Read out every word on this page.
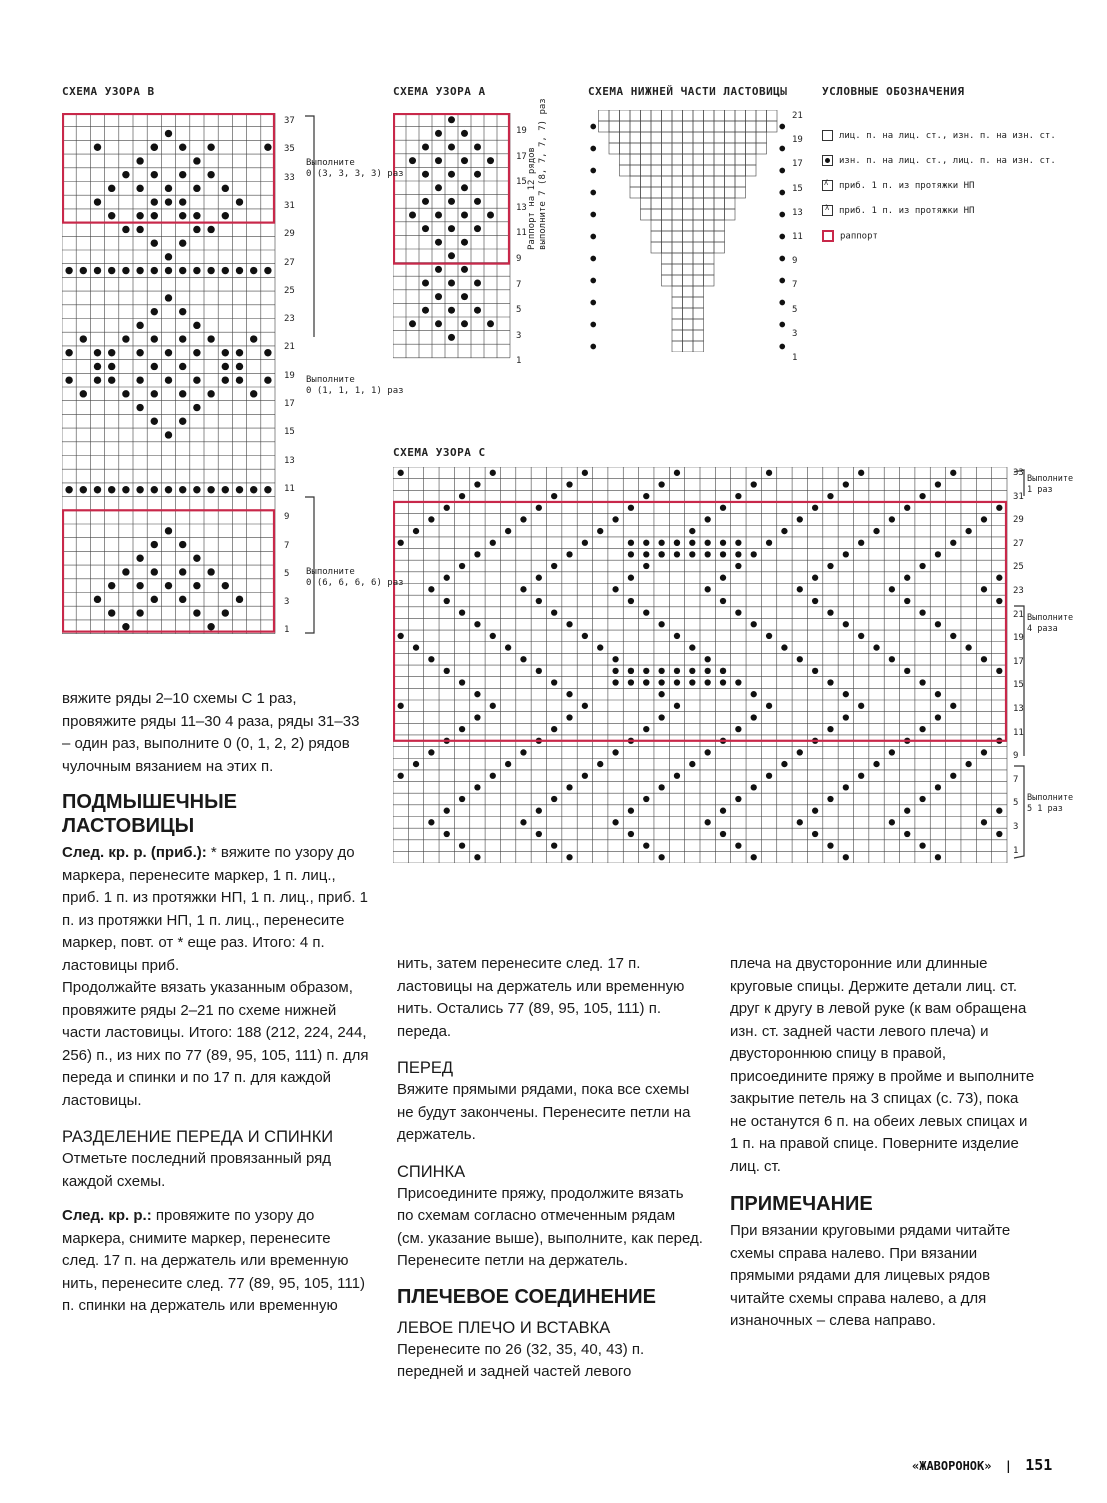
СХЕМА УЗОРА B	СХЕМА УЗОРА A	СХЕМА НИЖНЕЙ ЧАСТИ ЛАСТОВИЦЫ	УСЛОВНЫЕ ОБОЗНАЧЕНИЯ
СХЕМА УЗОРА С
37
35
33
31
29
27
25
23
21
19
17
15
13
11
9
7
5
3
1
19
17
15
13
11
9
7
5
3
1
21
19
17
15
13
11
9
7
5
3
1
33
31
29
27
25
23
21
19
17
15
13
11
9
7
5
3
1
Выполните
0 (3, 3, 3, 3) раз
Выполните
0 (1, 1, 1, 1) раз
Выполните
0 (6, 6, 6, 6) раз
Раппорт на 12 рядов выполните 7 (8, 7, 7, 7) раз
Выполните
1 раз
Выполните
4 раза
Выполните
5 1 раз
лиц. п. на лиц. ст., изн. п. на изн. ст.
изн. п. на лиц. ст., лиц. п. на изн. ст.
ʎ приб. 1 п. из протяжки НП
λ приб. 1 п. из протяжки НП
раппорт

вяжите ряды 2–10 схемы С 1 раз, провяжите ряды 11–30 4 раза, ряды 31–33 – один раз, выполните 0 (0, 1, 2, 2) рядов чулочным вязанием на этих п.

ПОДМЫШЕЧНЫЕ ЛАСТОВИЦЫ

След. кр. р. (приб.): * вяжите по узору до маркера, перенесите маркер, 1 п. лиц., приб. 1 п. из протяжки НП, 1 п. лиц., приб. 1 п. из протяжки НП, 1 п. лиц., перенесите маркер, повт. от * еще раз. Итого: 4 п. ластовицы приб.

Продолжайте вязать указанным образом, провяжите ряды 2–21 по схеме нижней части ластовицы. Итого: 188 (212, 224, 244, 256) п., из них по 77 (89, 95, 105, 111) п. для переда и спинки и по 17 п. для каждой ластовицы.

РАЗДЕЛЕНИЕ ПЕРЕДА И СПИНКИ

Отметьте последний провязанный ряд каждой схемы.

След. кр. р.: провяжите по узору до маркера, снимите маркер, перенесите след. 17 п. на держатель или временную нить, перенесите след. 77 (89, 95, 105, 111) п. спинки на держатель или временную

нить, затем перенесите след. 17 п. ластовицы на держатель или временную нить. Остались 77 (89, 95, 105, 111) п. переда.

ПЕРЕД

Вяжите прямыми рядами, пока все схемы не будут закончены. Перенесите петли на держатель.

СПИНКА

Присоедините пряжу, продолжите вязать по схемам согласно отмеченным рядам (см. указание выше), выполните, как перед. Перенесите петли на держатель.

ПЛЕЧЕВОЕ СОЕДИНЕНИЕ
ЛЕВОЕ ПЛЕЧО И ВСТАВКА

Перенесите по 26 (32, 35, 40, 43) п. передней и задней частей левого

плеча на двусторонние или длинные круговые спицы. Держите детали лиц. ст. друг к другу в левой руке (к вам обращена изн. ст. задней части левого плеча) и двустороннюю спицу в правой, присоедините пряжу в пройме и выполните закрытие петель на 3 спицах (с. 73), пока не останутся 6 п. на обеих левых спицах и 1 п. на правой спице. Поверните изделие лиц. ст.

ПРИМЕЧАНИЕ

При вязании круговыми рядами читайте схемы справа налево. При вязании прямыми рядами для лицевых рядов читайте схемы справа налево, а для изнаночных – слева направо.

«ЖАВОРОНОК» | 151
